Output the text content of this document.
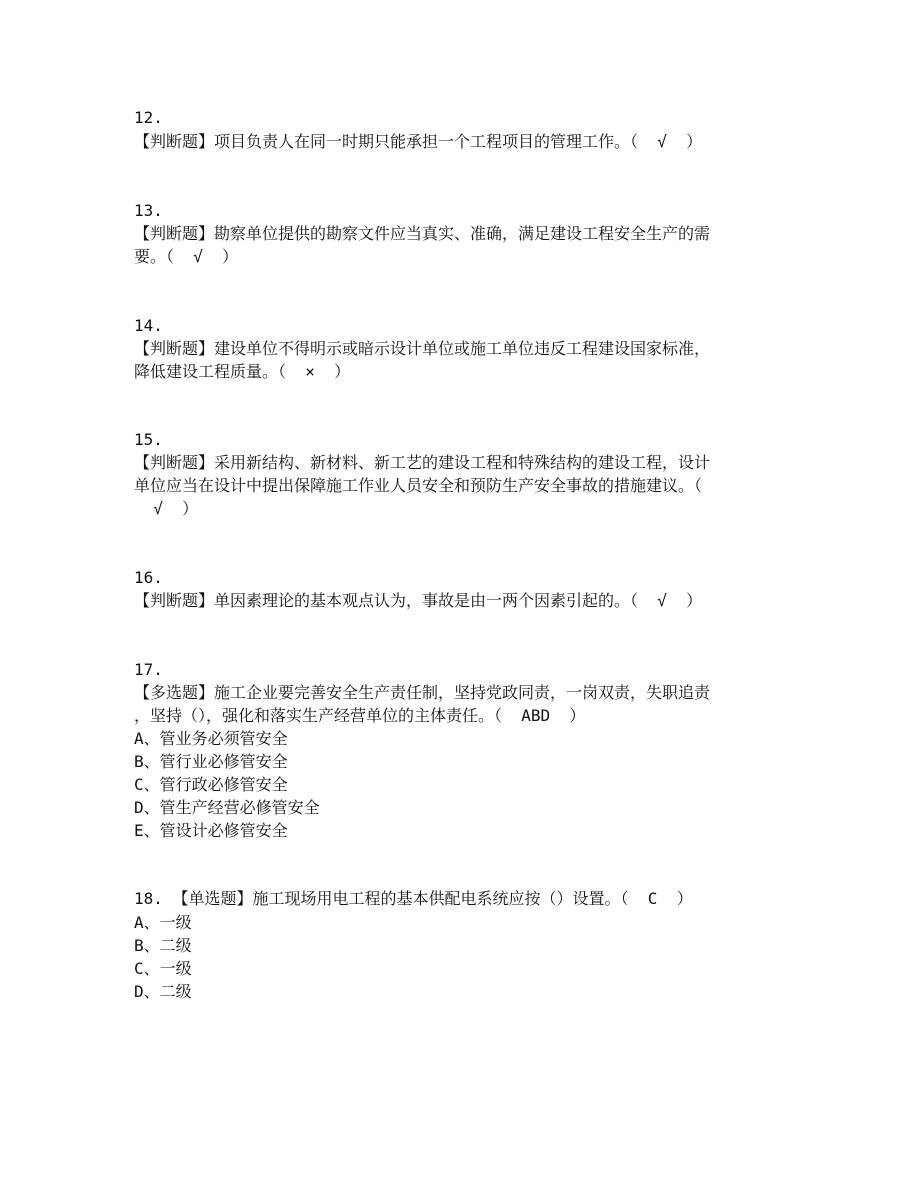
12.
【判断题】项目负责人在同一时期只能承担一个工程项目的管理工作。（  √  ）
13.
【判断题】勘察单位提供的勘察文件应当真实、准确，满足建设工程安全生产的需
要。（  √  ）
14.
【判断题】建设单位不得明示或暗示设计单位或施工单位违反工程建设国家标准，
降低建设工程质量。（  ×  ）
15.
【判断题】采用新结构、新材料、新工艺的建设工程和特殊结构的建设工程，设计
单位应当在设计中提出保障施工作业人员安全和预防生产安全事故的措施建议。（
√  ）
16.
【判断题】单因素理论的基本观点认为，事故是由一两个因素引起的。（  √  ）
17.
【多选题】施工企业要完善安全生产责任制，坚持党政同责，一岗双责，失职追责
，坚持（），强化和落实生产经营单位的主体责任。（  ABD  ）
A、管业务必须管安全
B、管行业必修管安全
C、管行政必修管安全
D、管生产经营必修管安全
E、管设计必修管安全
18. 【单选题】施工现场用电工程的基本供配电系统应按（）设置。（  C  ）
A、一级
B、二级
C、一级
D、二级
